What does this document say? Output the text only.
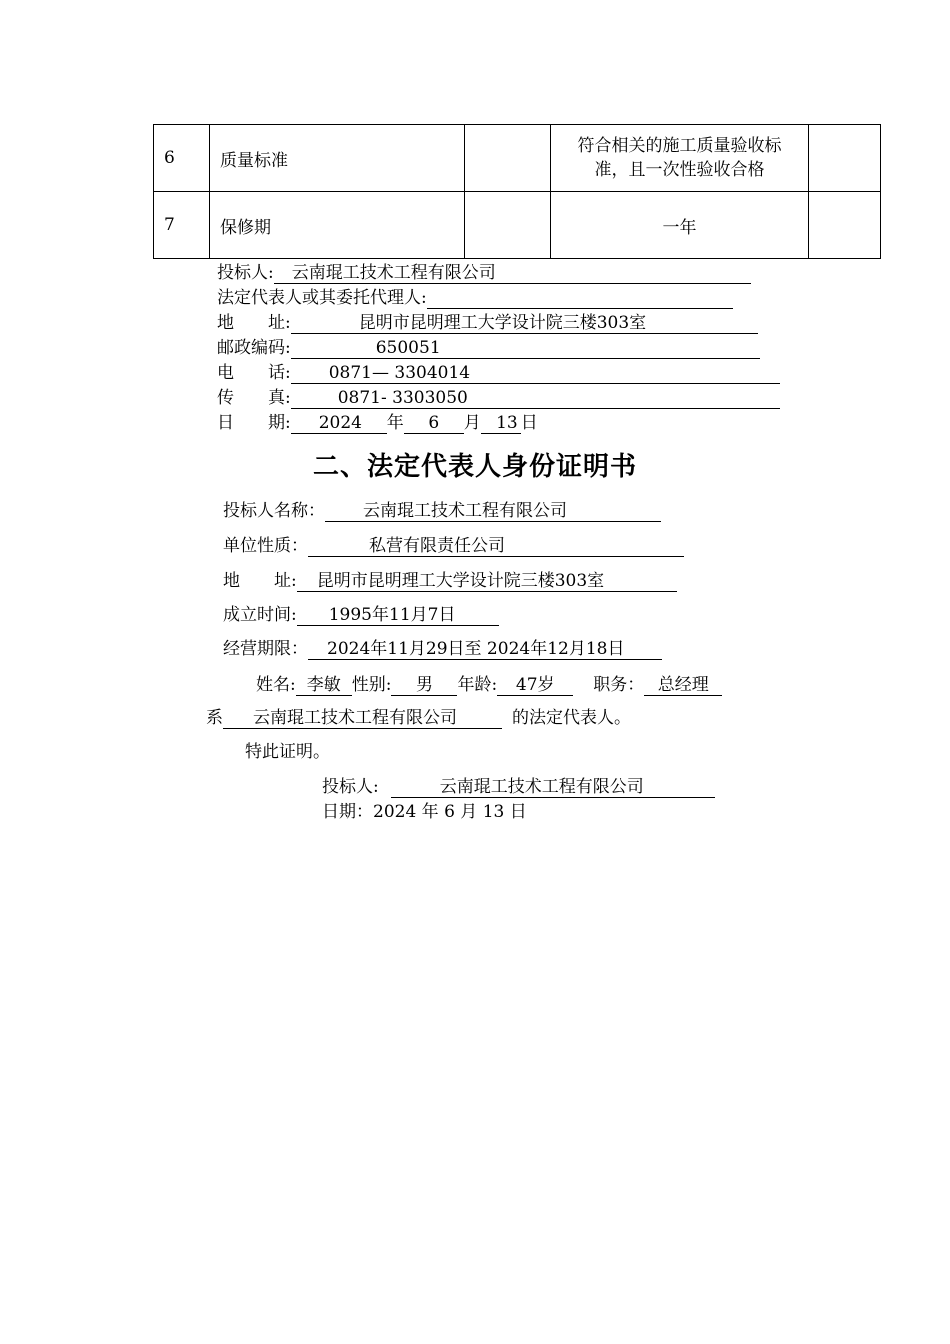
6	质量标准		符合相关的施工质量验收标准，且一次性验收合格	
7	保修期		一年	
投标人: 云南琨工技术工程有限公司
法定代表人或其委托代理人:
地　　址:	昆明市昆明理工大学设计院三楼303室
邮政编码:	650051
电　　话: 0871— 3304014
传　　真:	0871- 3303050
日　　期: 2024 年 6 月 13 日
二、法定代表人身份证明书
投标人名称： 云南琨工技术工程有限公司
单位性质：	私营有限责任公司
地　　址: 昆明市昆明理工大学设计院三楼303室
成立时间: 1995年11月7日
经营期限： 2024年11月29日至 2024年12月18日
姓名: 李敏 性别: 男 年龄: 47岁 职务： 总经理
系 云南琨工技术工程有限公司	的法定代表人。
特此证明。
投标人:	云南琨工技术工程有限公司
日期：2024 年 6 月 13 日
